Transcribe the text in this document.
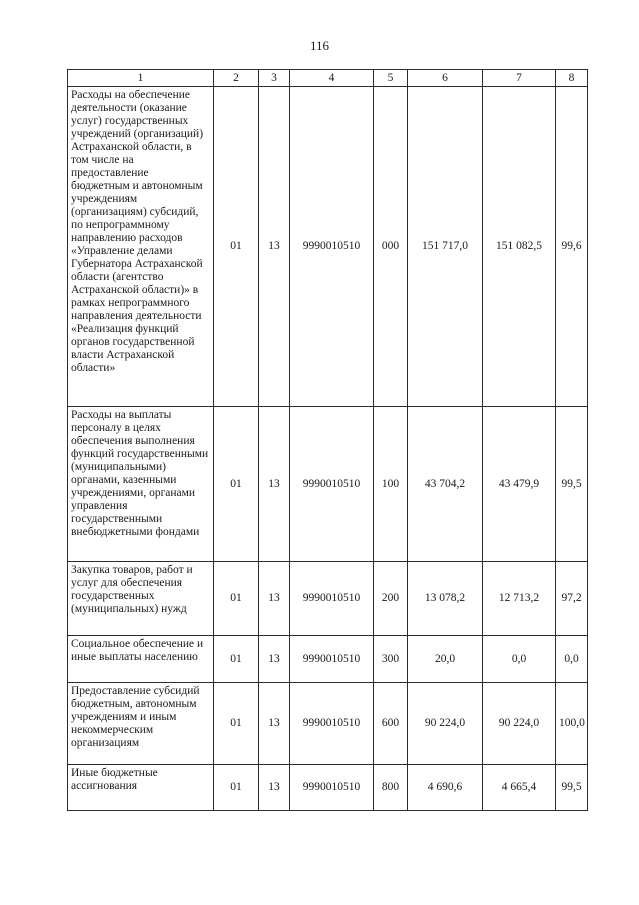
116
1	2	3	4	5	6	7	8
Расходы на обеспечение деятельности (оказание услуг) государственных учреждений (организаций) Астраханской области, в том числе на предоставление бюджетным и автономным учреждениям (организациям) субсидий, по непрограммному направлению расходов «Управление делами Губернатора Астраханской области (агентство Астраханской области)» в рамках непрограммного направления деятельности «Реализация функций органов государственной власти Астраханской области»	01	13	9990010510	000	151 717,0	151 082,5	99,6
Расходы на выплаты персоналу в целях обеспечения выполнения функций государственными (муниципальными) органами, казенными учреждениями, органами управления государственными внебюджетными фондами	01	13	9990010510	100	43 704,2	43 479,9	99,5
Закупка товаров, работ и услуг для обеспечения государственных (муниципальных) нужд	01	13	9990010510	200	13 078,2	12 713,2	97,2
Социальное обеспечение и иные выплаты населению	01	13	9990010510	300	20,0	0,0	0,0
Предоставление субсидий бюджетным, автономным учреждениям и иным некоммерческим организациям	01	13	9990010510	600	90 224,0	90 224,0	100,0
Иные бюджетные ассигнования	01	13	9990010510	800	4 690,6	4 665,4	99,5
